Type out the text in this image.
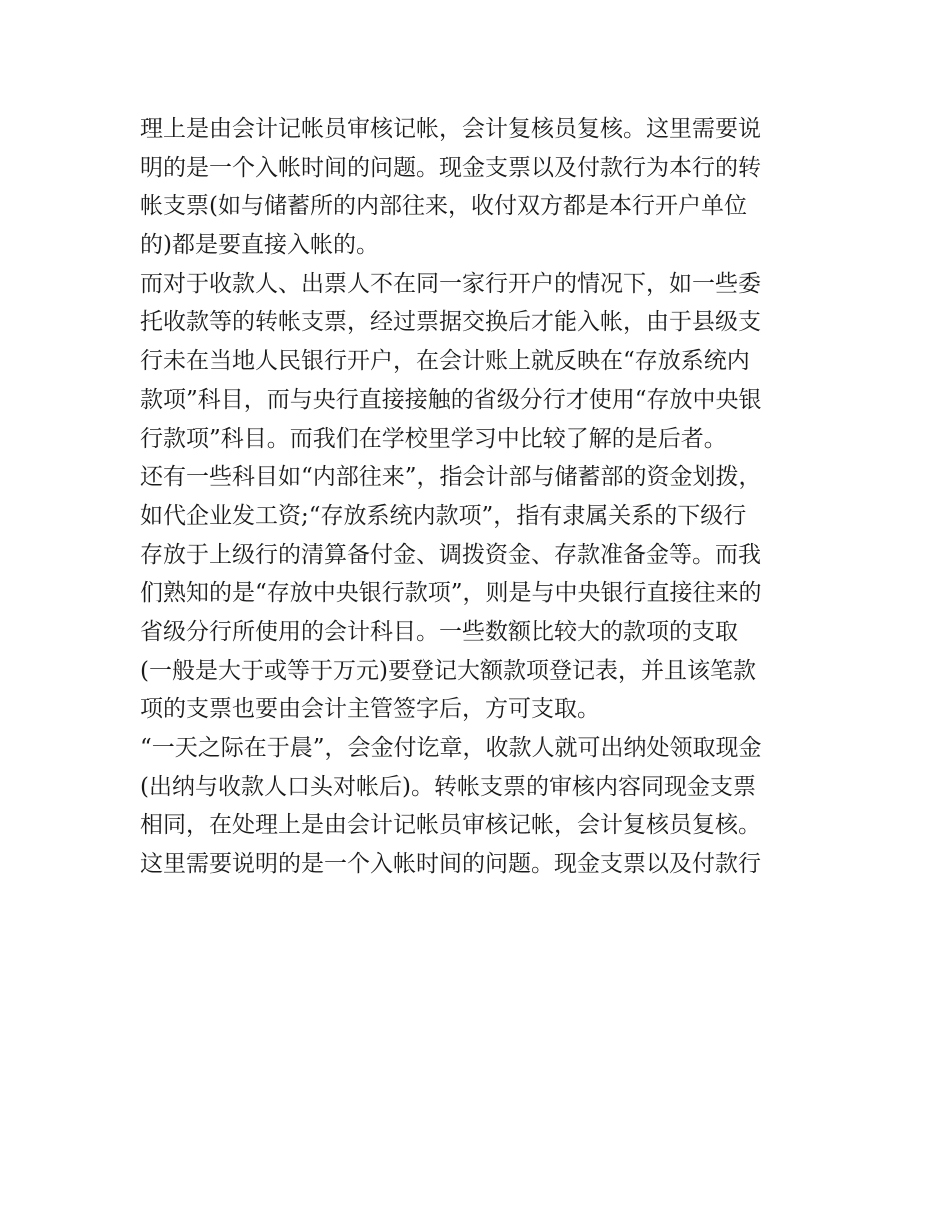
理上是由会计记帐员审核记帐，会计复核员复核。这里需要说
明的是一个入帐时间的问题。现金支票以及付款行为本行的转
帐支票(如与储蓄所的内部往来，收付双方都是本行开户单位
的)都是要直接入帐的。
而对于收款人、出票人不在同一家行开户的情况下，如一些委
托收款等的转帐支票，经过票据交换后才能入帐，由于县级支
行未在当地人民银行开户，在会计账上就反映在“存放系统内
款项”科目，而与央行直接接触的省级分行才使用“存放中央银
行款项”科目。而我们在学校里学习中比较了解的是后者。
还有一些科目如“内部往来”，指会计部与储蓄部的资金划拨，
如代企业发工资;“存放系统内款项”，指有隶属关系的下级行
存放于上级行的清算备付金、调拨资金、存款准备金等。而我
们熟知的是“存放中央银行款项”，则是与中央银行直接往来的
省级分行所使用的会计科目。一些数额比较大的款项的支取
(一般是大于或等于万元)要登记大额款项登记表，并且该笔款
项的支票也要由会计主管签字后，方可支取。
“一天之际在于晨”，会金付讫章，收款人就可出纳处领取现金
(出纳与收款人口头对帐后)。转帐支票的审核内容同现金支票
相同，在处理上是由会计记帐员审核记帐，会计复核员复核。
这里需要说明的是一个入帐时间的问题。现金支票以及付款行
